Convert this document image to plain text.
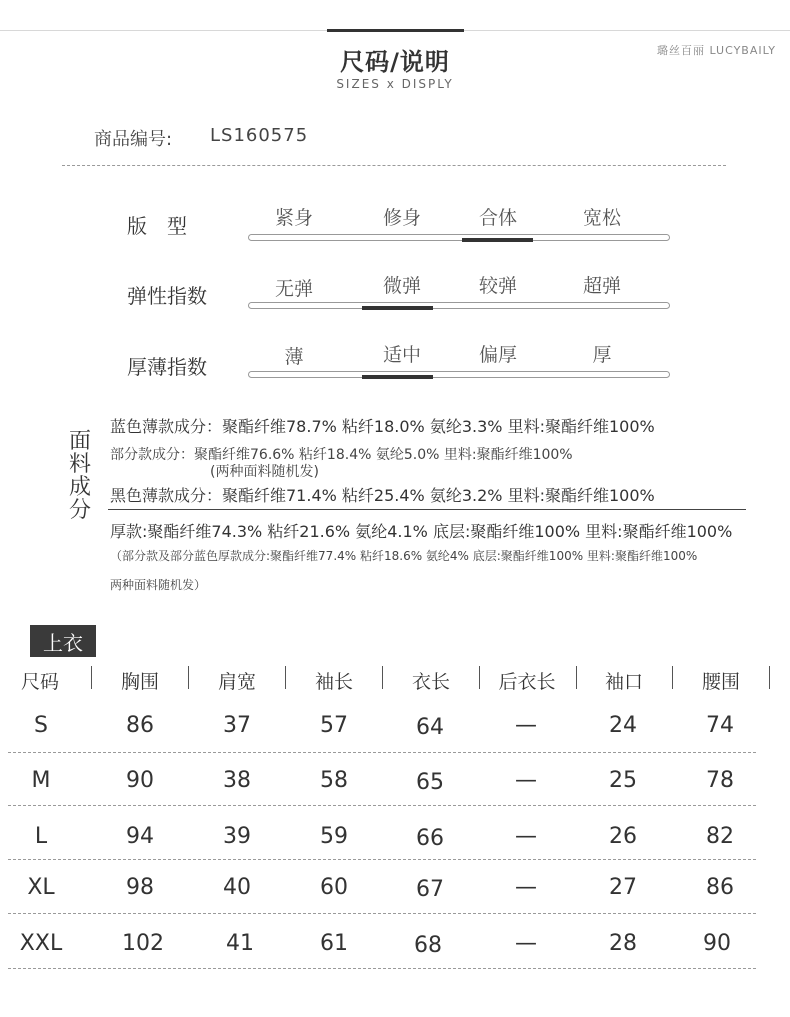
尺码/说明
SIZES x DISPLY
璐丝百丽 LUCYBAILY
商品编号: LS160575
版　型	紧身	修身	合体	宽松
弹性指数	无弹	微弹	较弹	超弹
厚薄指数	薄	适中	偏厚	厚
面料成分
蓝色薄款成分：聚酯纤维78.7% 粘纤18.0% 氨纶3.3% 里料:聚酯纤维100%
部分款成分：聚酯纤维76.6% 粘纤18.4% 氨纶5.0% 里料:聚酯纤维100%
(两种面料随机发)
黑色薄款成分：聚酯纤维71.4% 粘纤25.4% 氨纶3.2% 里料:聚酯纤维100%
厚款:聚酯纤维74.3% 粘纤21.6% 氨纶4.1% 底层:聚酯纤维100% 里料:聚酯纤维100%
（部分款及部分蓝色厚款成分:聚酯纤维77.4% 粘纤18.6% 氨纶4% 底层:聚酯纤维100% 里料:聚酯纤维100%
两种面料随机发）
上衣
尺码	胸围	肩宽	袖长	衣长	后衣长	袖口	腰围
S	86	37	57	64	—	24	74
M	90	38	58	65	—	25	78
L	94	39	59	66	—	26	82
XL	98	40	60	67	—	27	86
XXL	102	41	61	68	—	28	90
